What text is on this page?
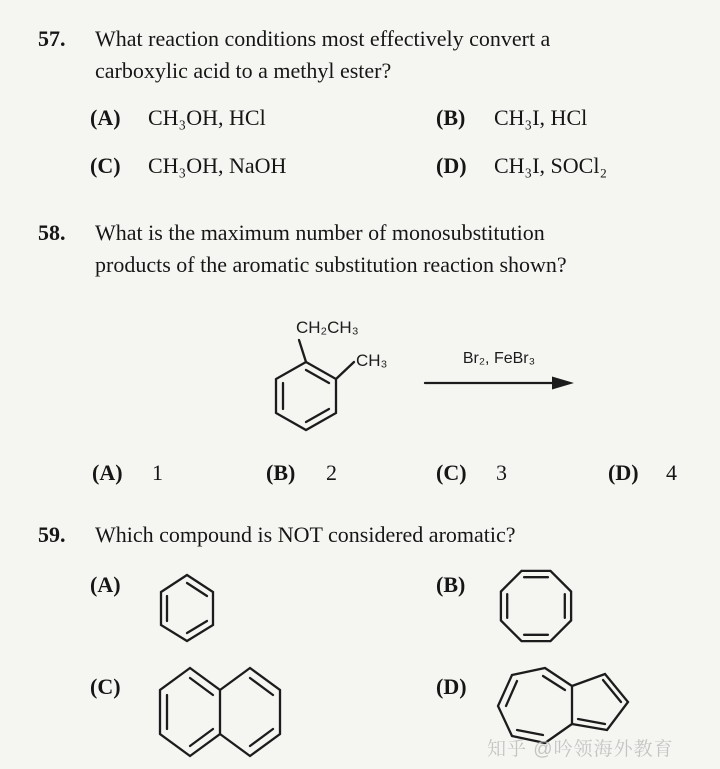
57. What reaction conditions most effectively convert a
carboxylic acid to a methyl ester?
(A) CH₃OH, HCl	(B) CH₃I, HCl
(C) CH₃OH, NaOH	(D) CH₃I, SOCl₂
58. What is the maximum number of monosubstitution
products of the aromatic substitution reaction shown?
CH₂CH₃
CH₃	Br₂, FeBr₃
(A) 1	(B) 2	(C) 3	(D) 4
59. Which compound is NOT considered aromatic?
(A)	(B)
(C)	(D)
知乎 @吟领海外教育
